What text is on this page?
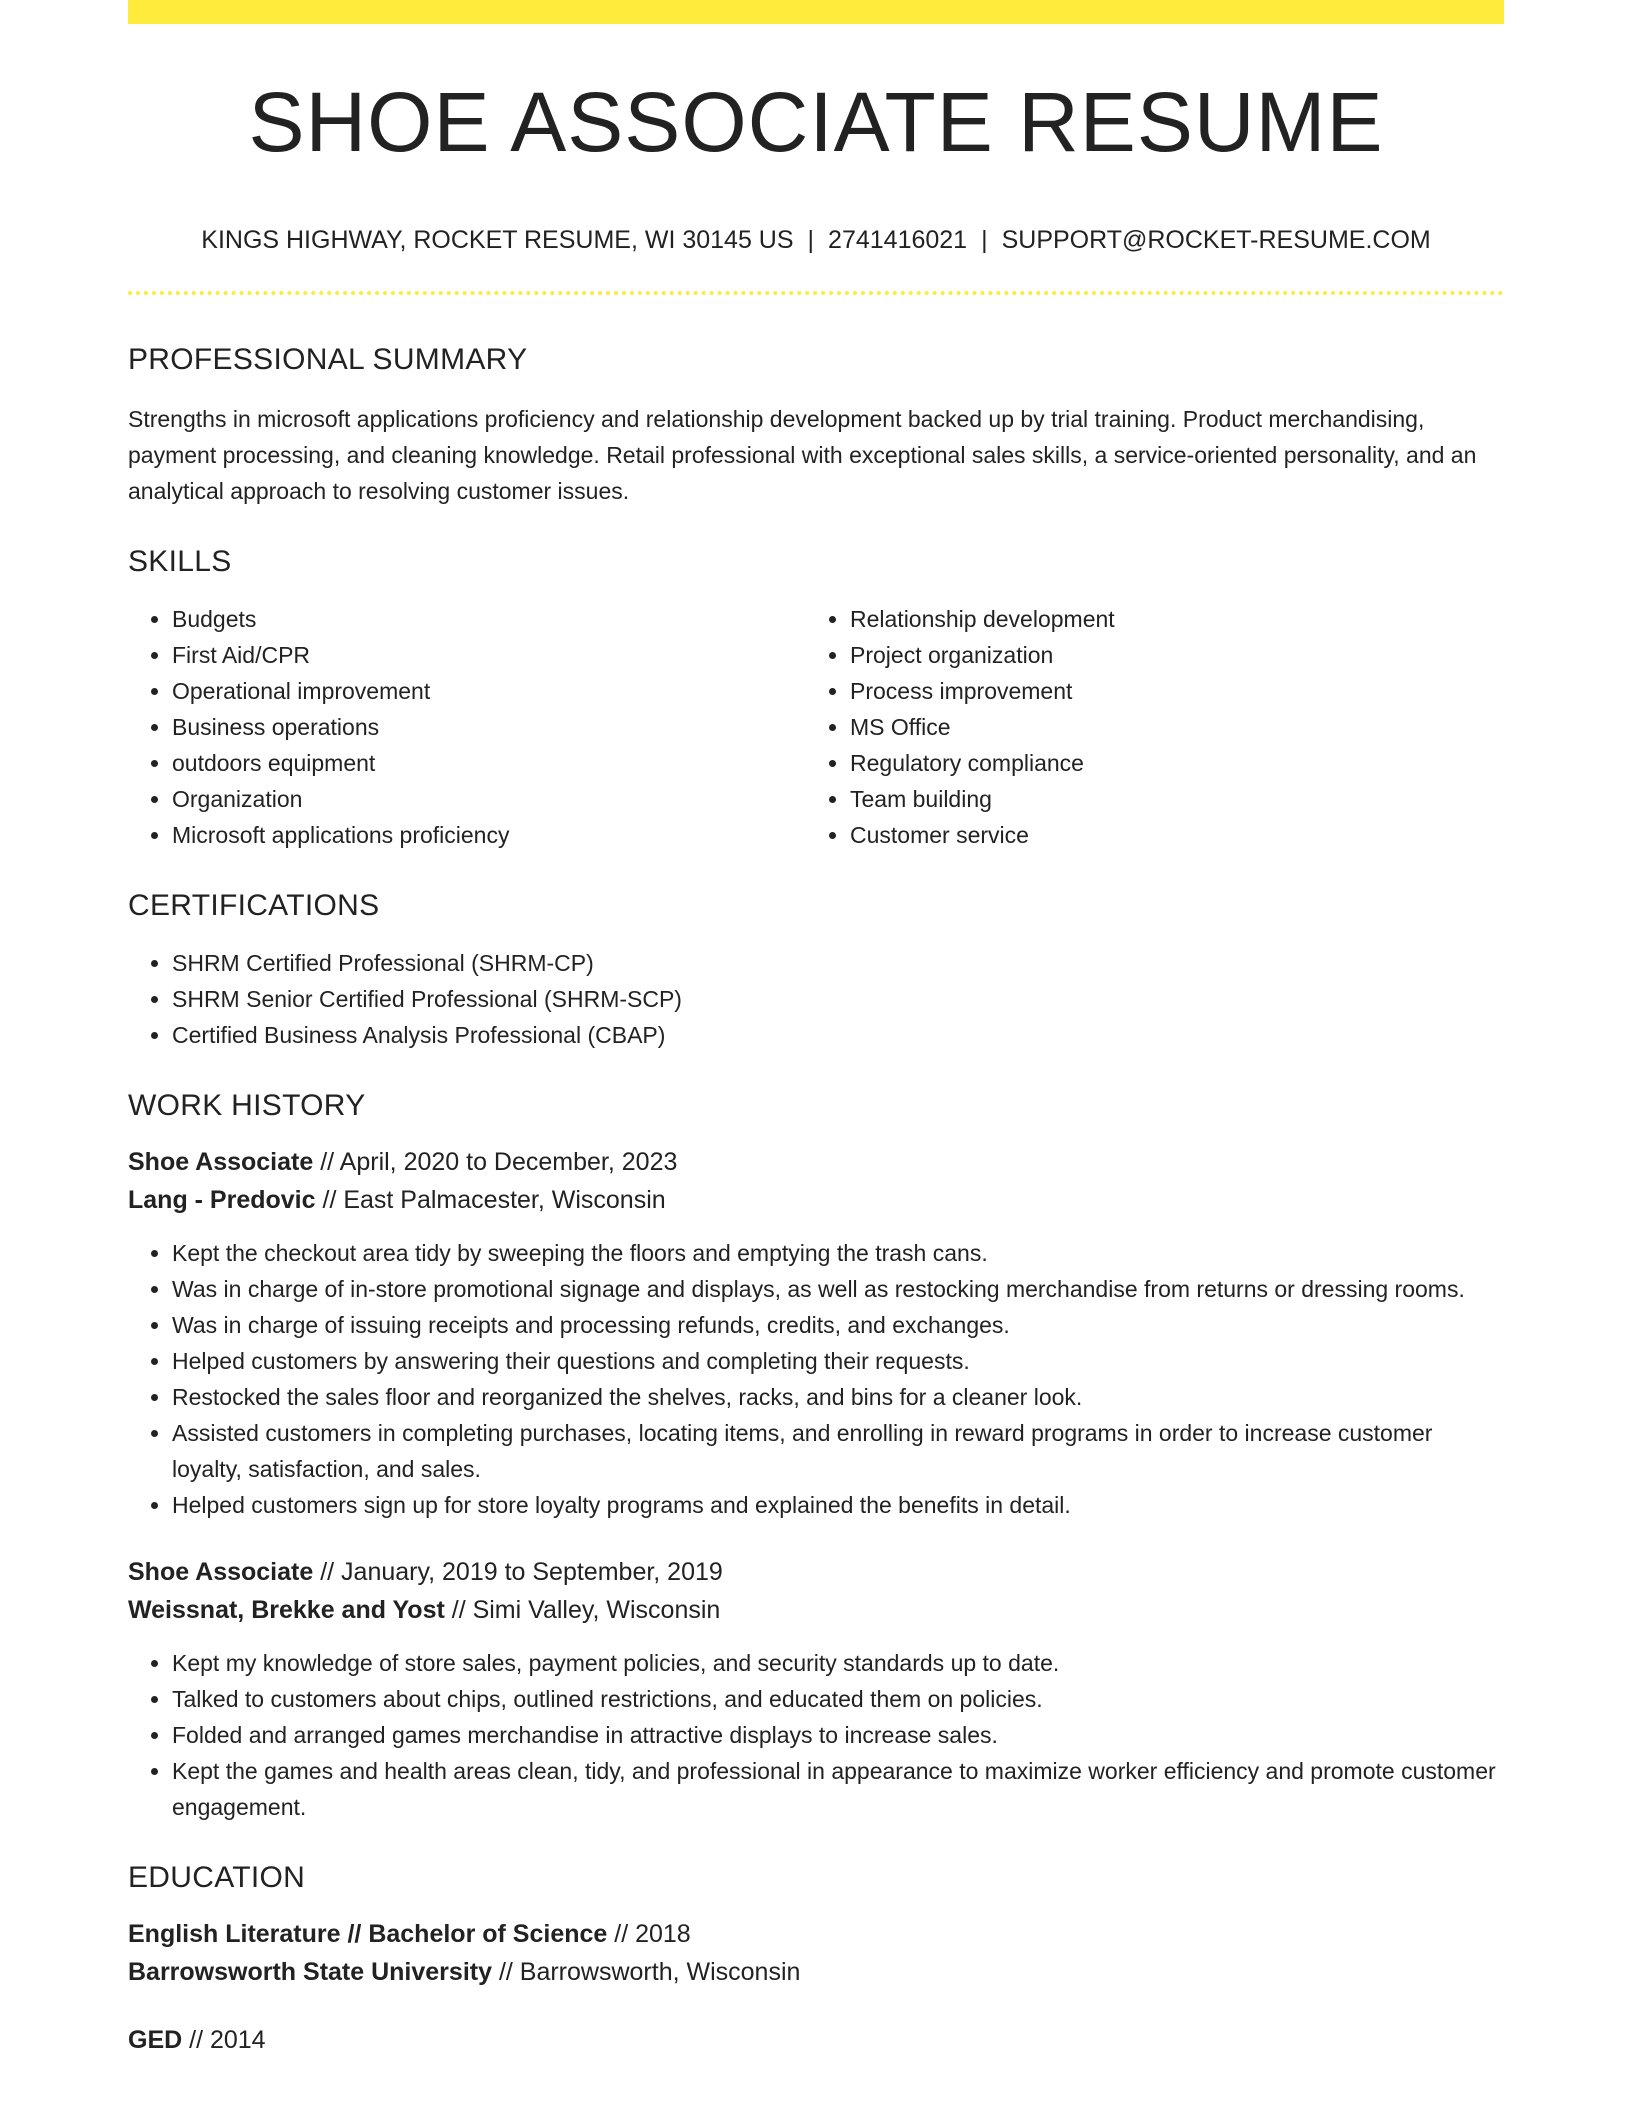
SHOE ASSOCIATE RESUME
KINGS HIGHWAY, ROCKET RESUME, WI 30145 US | 2741416021 | SUPPORT@ROCKET-RESUME.COM
PROFESSIONAL SUMMARY

Strengths in microsoft applications proficiency and relationship development backed up by trial training. Product merchandising, payment processing, and cleaning knowledge. Retail professional with exceptional sales skills, a service-oriented personality, and an analytical approach to resolving customer issues.

SKILLS
• Budgets
• First Aid/CPR
• Operational improvement
• Business operations
• outdoors equipment
• Organization
• Microsoft applications proficiency
• Relationship development
• Project organization
• Process improvement
• MS Office
• Regulatory compliance
• Team building
• Customer service
CERTIFICATIONS
• SHRM Certified Professional (SHRM-CP)
• SHRM Senior Certified Professional (SHRM-SCP)
• Certified Business Analysis Professional (CBAP)
WORK HISTORY
Shoe Associate // April, 2020 to December, 2023
Lang - Predovic // East Palmacester, Wisconsin
• Kept the checkout area tidy by sweeping the floors and emptying the trash cans.
• Was in charge of in-store promotional signage and displays, as well as restocking merchandise from returns or dressing rooms.
• Was in charge of issuing receipts and processing refunds, credits, and exchanges.
• Helped customers by answering their questions and completing their requests.
• Restocked the sales floor and reorganized the shelves, racks, and bins for a cleaner look.
• Assisted customers in completing purchases, locating items, and enrolling in reward programs in order to increase customer loyalty, satisfaction, and sales.
• Helped customers sign up for store loyalty programs and explained the benefits in detail.
Shoe Associate // January, 2019 to September, 2019
Weissnat, Brekke and Yost // Simi Valley, Wisconsin
• Kept my knowledge of store sales, payment policies, and security standards up to date.
• Talked to customers about chips, outlined restrictions, and educated them on policies.
• Folded and arranged games merchandise in attractive displays to increase sales.
• Kept the games and health areas clean, tidy, and professional in appearance to maximize worker efficiency and promote customer engagement.
EDUCATION
English Literature // Bachelor of Science // 2018
Barrowsworth State University // Barrowsworth, Wisconsin
GED // 2014
